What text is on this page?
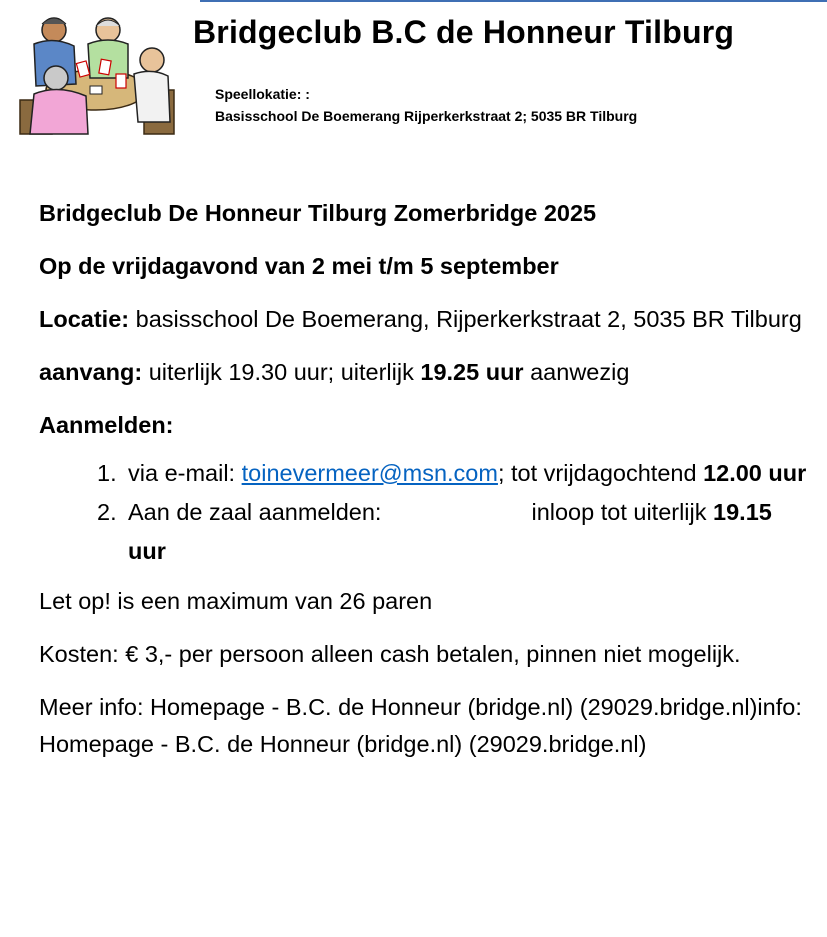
Bridgeclub B.C de Honneur Tilburg
Speellokatie: :
Basisschool De Boemerang Rijperkerkstraat 2; 5035 BR Tilburg

Bridgeclub De Honneur Tilburg Zomerbridge 2025

Op de vrijdagavond van 2 mei t/m 5 september

Locatie: basisschool De Boemerang, Rijperkerkstraat 2, 5035 BR Tilburg

aanvang: uiterlijk 19.30 uur; uiterlijk 19.25 uur aanwezig

Aanmelden:

1. via e-mail: toinevermeer@msn.com; tot vrijdagochtend 12.00 uur
2. Aan de zaal aanmelden:	inloop tot uiterlijk 19.15 uur

Let op! is een maximum van 26 paren

Kosten: € 3,- per persoon alleen cash betalen, pinnen niet mogelijk.

Meer info: Homepage - B.C. de Honneur (bridge.nl) (29029.bridge.nl)info: Homepage - B.C. de Honneur (bridge.nl) (29029.bridge.nl)
